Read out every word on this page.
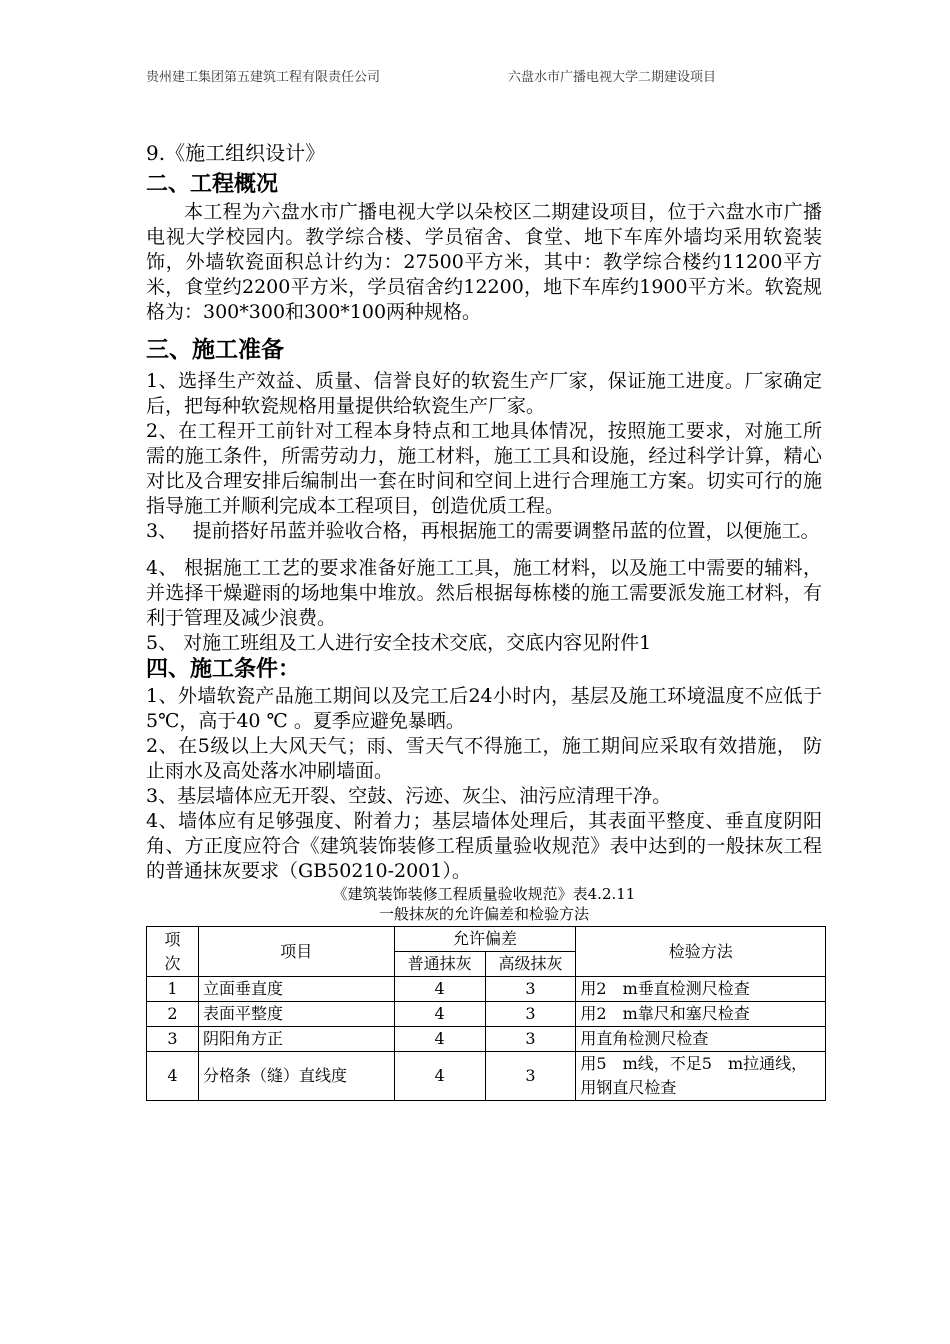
贵州建工集团第五建筑工程有限责任公司	六盘水市广播电视大学二期建设项目
9.《施工组织设计》
二、工程概况

本工程为六盘水市广播电视大学以朵校区二期建设项目，位于六盘水市广播电视大学校园内。教学综合楼、学员宿舍、食堂、地下车库外墙均采用软瓷装饰，外墙软瓷面积总计约为：27500平方米，其中：教学综合楼约11200平方米，食堂约2200平方米，学员宿舍约12200，地下车库约1900平方米。软瓷规格为：300*300和300*100两种规格。

三、施工准备

1、选择生产效益、质量、信誉良好的软瓷生产厂家，保证施工进度。厂家确定后，把每种软瓷规格用量提供给软瓷生产厂家。

2、在工程开工前针对工程本身特点和工地具体情况，按照施工要求，对施工所需的施工条件，所需劳动力，施工材料，施工工具和设施，经过科学计算，精心对比及合理安排后编制出一套在时间和空间上进行合理施工方案。切实可行的施指导施工并顺利完成本工程项目，创造优质工程。

3、　 提前搭好吊蓝并验收合格，再根据施工的需要调整吊蓝的位置，以便施工。

4、 根据施工工艺的要求准备好施工工具，施工材料，以及施工中需要的辅料，并选择干燥避雨的场地集中堆放。然后根据每栋楼的施工需要派发施工材料，有利于管理及减少浪费。

5、 对施工班组及工人进行安全技术交底，交底内容见附件1

四、施工条件：

1、外墙软瓷产品施工期间以及完工后24小时内，基层及施工环境温度不应低于5℃，高于40 ℃ 。夏季应避免暴晒。

2、在5级以上大风天气；雨、雪天气不得施工，施工期间应采取有效措施， 防止雨水及高处落水冲刷墙面。

3、基层墙体应无开裂、空鼓、污迹、灰尘、油污应清理干净。

4、墙体应有足够强度、附着力；基层墙体处理后，其表面平整度、垂直度阴阳角、方正度应符合《建筑装饰装修工程质量验收规范》表中达到的一般抹灰工程的普通抹灰要求（GB50210-2001）。

《建筑装饰装修工程质量验收规范》表4.2.11
一般抹灰的允许偏差和检验方法
项次	项目	允许偏差		检验方法
		普通抹灰	高级抹灰	
1	立面垂直度	4	3	用2　m垂直检测尺检查
2	表面平整度	4	3	用2　m靠尺和塞尺检查
3	阴阳角方正	4	3	用直角检测尺检查
4	分格条（缝）直线度	4	3	用5　m线，不足5　m拉通线，用钢直尺检查
